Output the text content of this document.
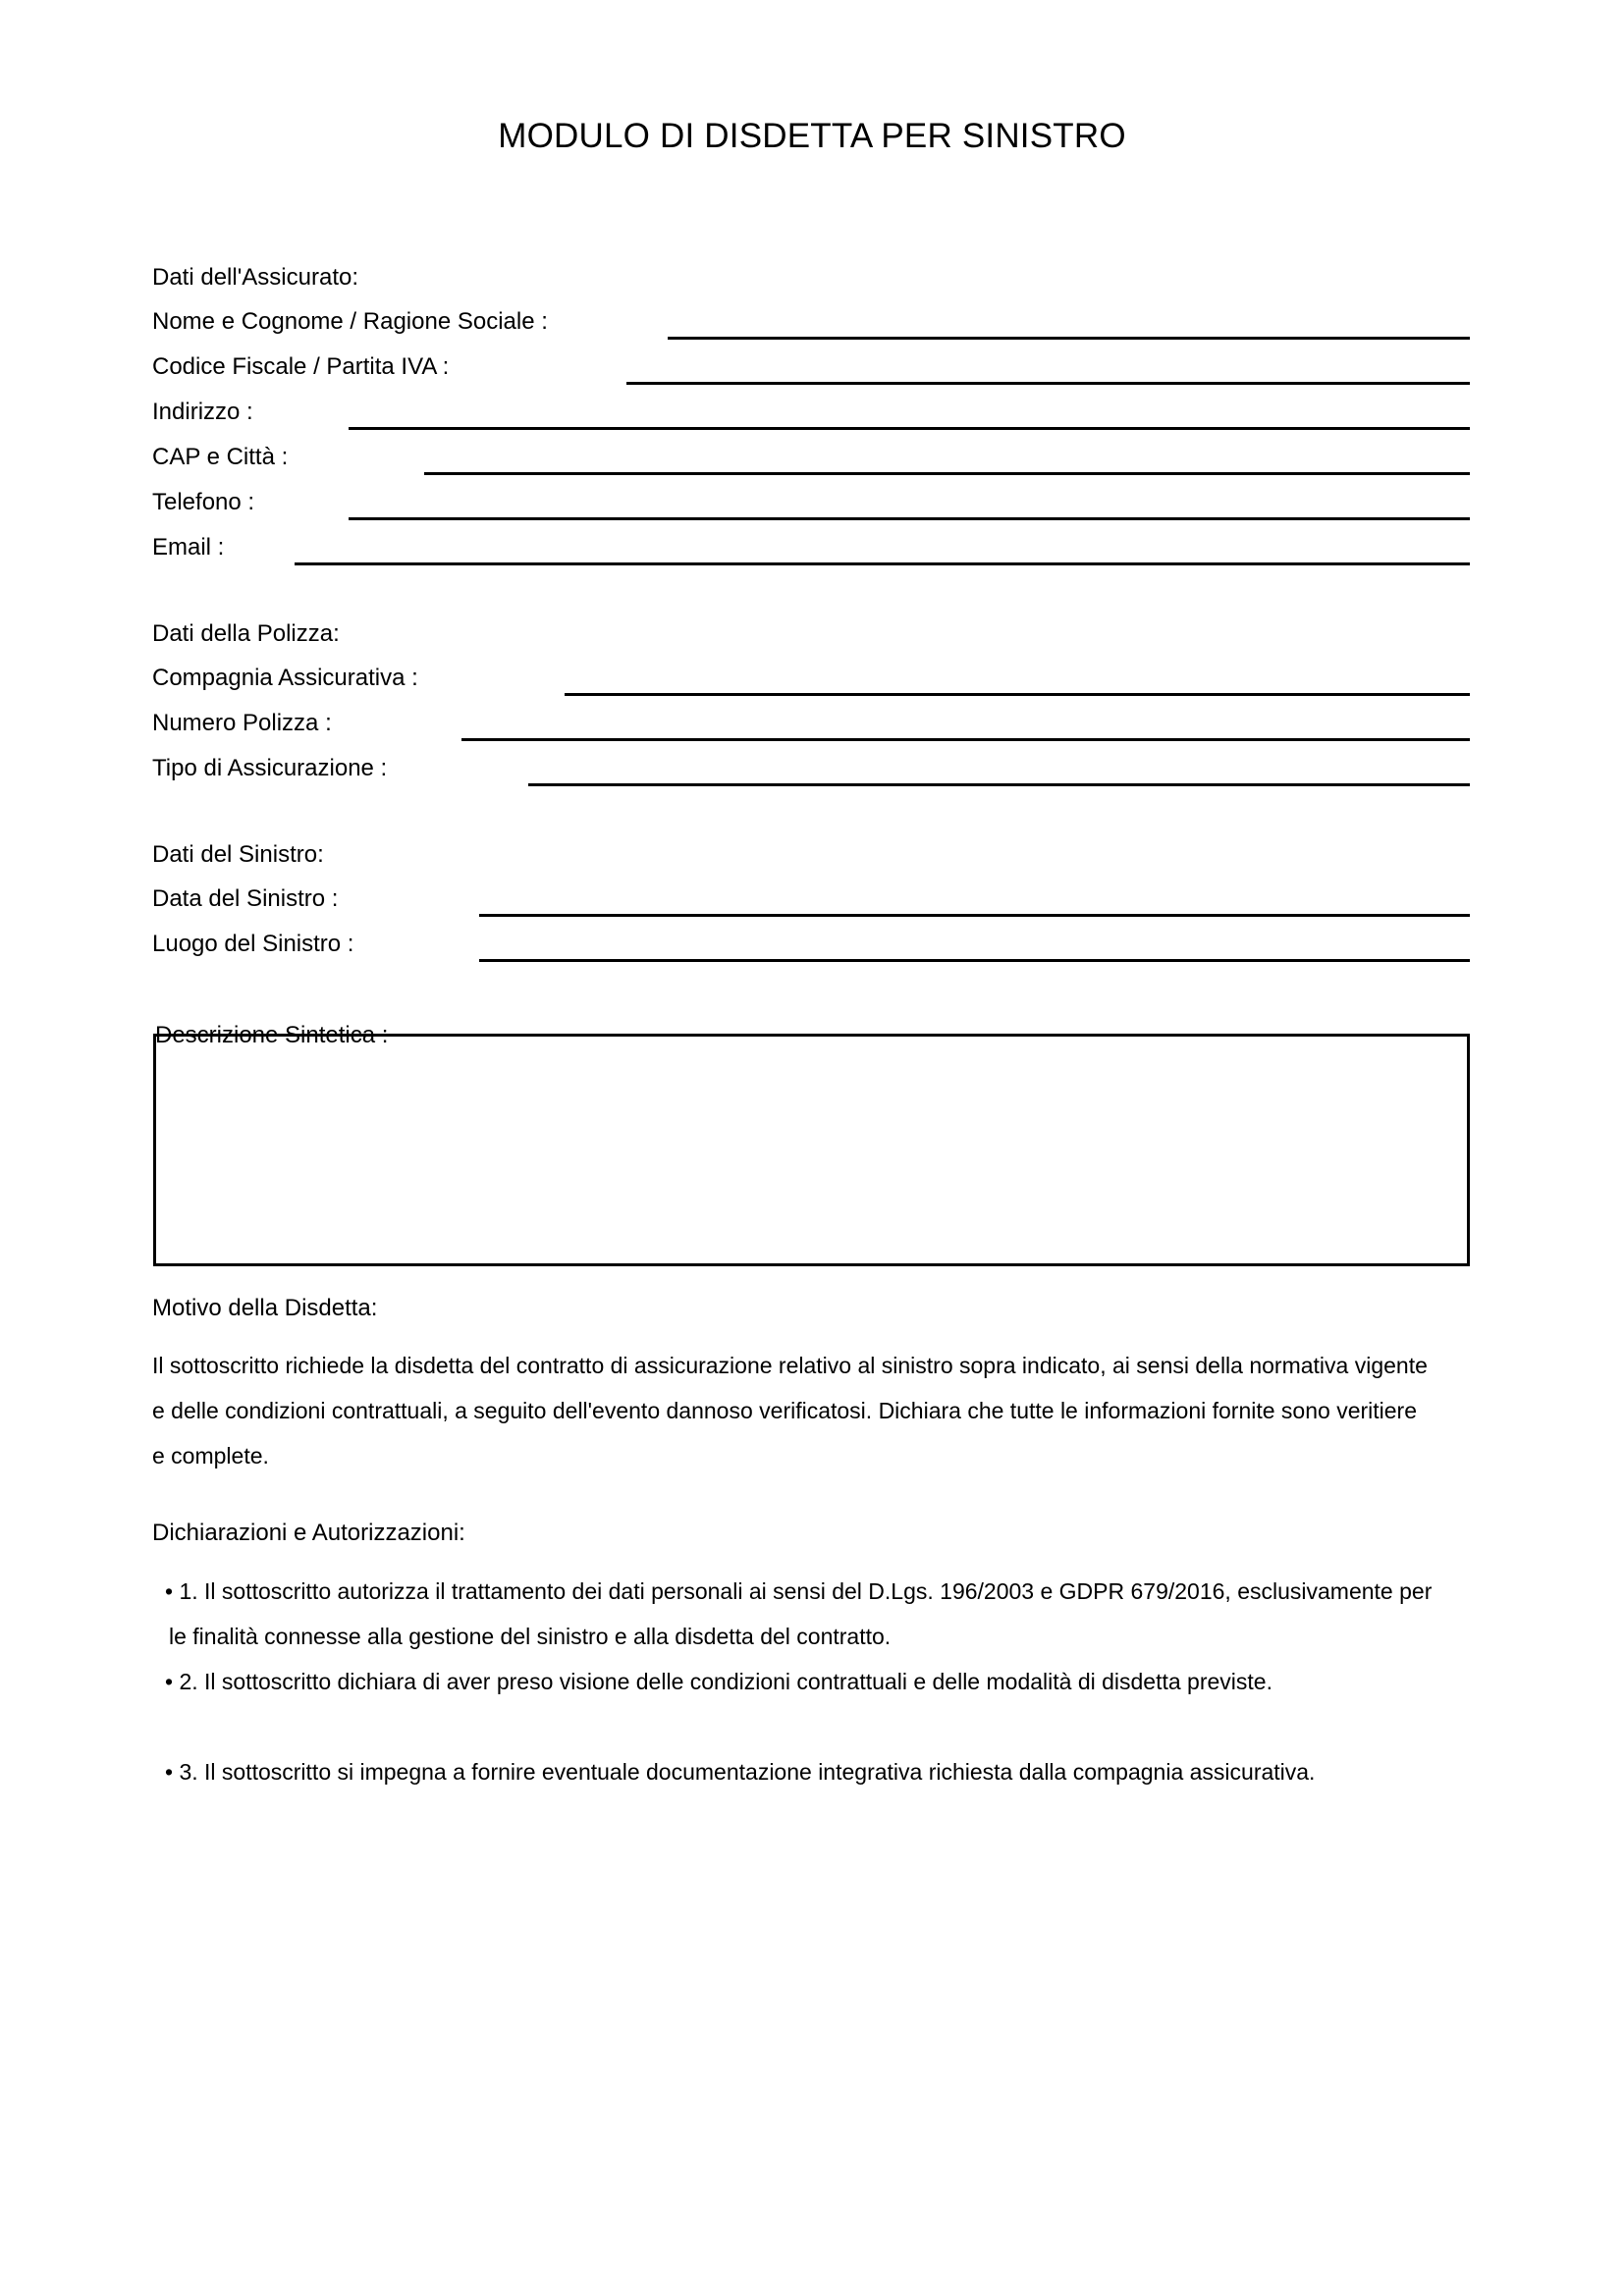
MODULO DI DISDETTA PER SINISTRO
Dati dell'Assicurato:
Nome e Cognome / Ragione Sociale :
Codice Fiscale / Partita IVA :
Indirizzo :
CAP e Città :
Telefono :
Email :
Dati della Polizza:
Compagnia Assicurativa :
Numero Polizza :
Tipo di Assicurazione :
Dati del Sinistro:
Data del Sinistro :
Luogo del Sinistro :
Descrizione Sintetica :
Motivo della Disdetta:
Il sottoscritto richiede la disdetta del contratto di assicurazione relativo al sinistro sopra indicato, ai sensi della normativa vigente e delle condizioni contrattuali, a seguito dell'evento dannoso verificatosi. Dichiara che tutte le informazioni fornite sono veritiere e complete.
Dichiarazioni e Autorizzazioni:
• 1. Il sottoscritto autorizza il trattamento dei dati personali ai sensi del D.Lgs. 196/2003 e GDPR 679/2016, esclusivamente per le finalità connesse alla gestione del sinistro e alla disdetta del contratto.
• 2. Il sottoscritto dichiara di aver preso visione delle condizioni contrattuali e delle modalità di disdetta previste.
• 3. Il sottoscritto si impegna a fornire eventuale documentazione integrativa richiesta dalla compagnia assicurativa.
